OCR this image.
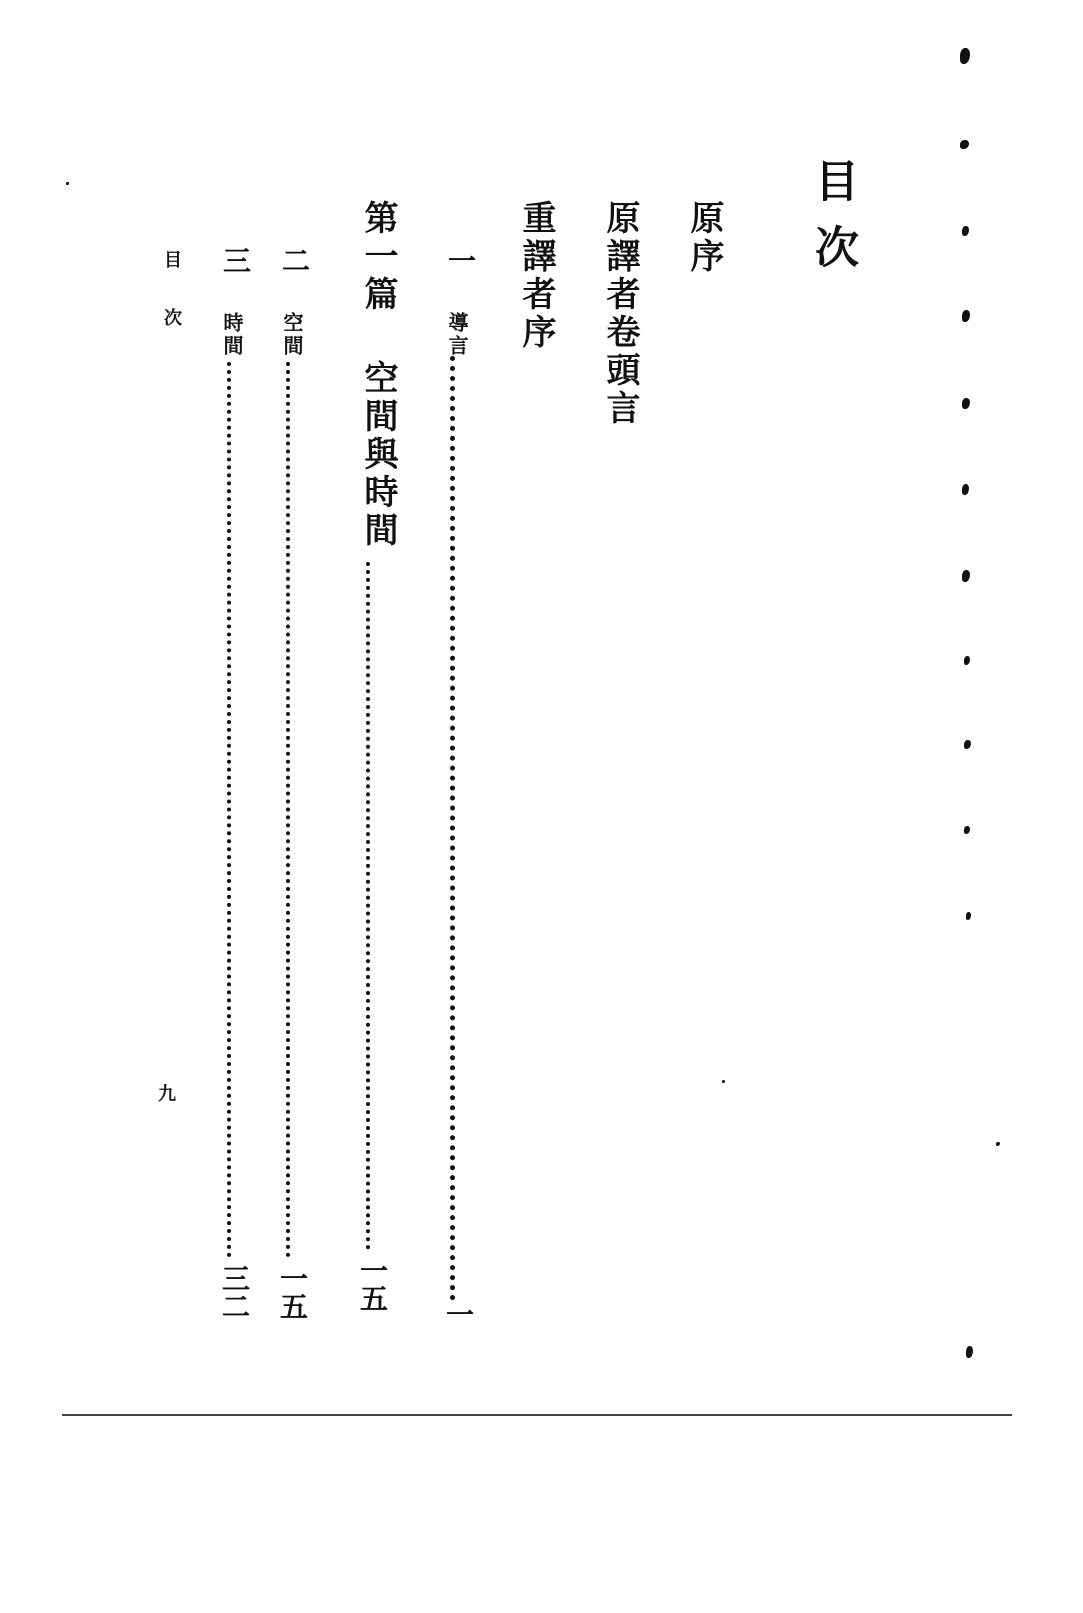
目次
原序
原譯者卷頭言
重譯者序
第一篇
空間與時間
一五
一
導言
一
二
空間
一五
三
時間
三二
目次
九
